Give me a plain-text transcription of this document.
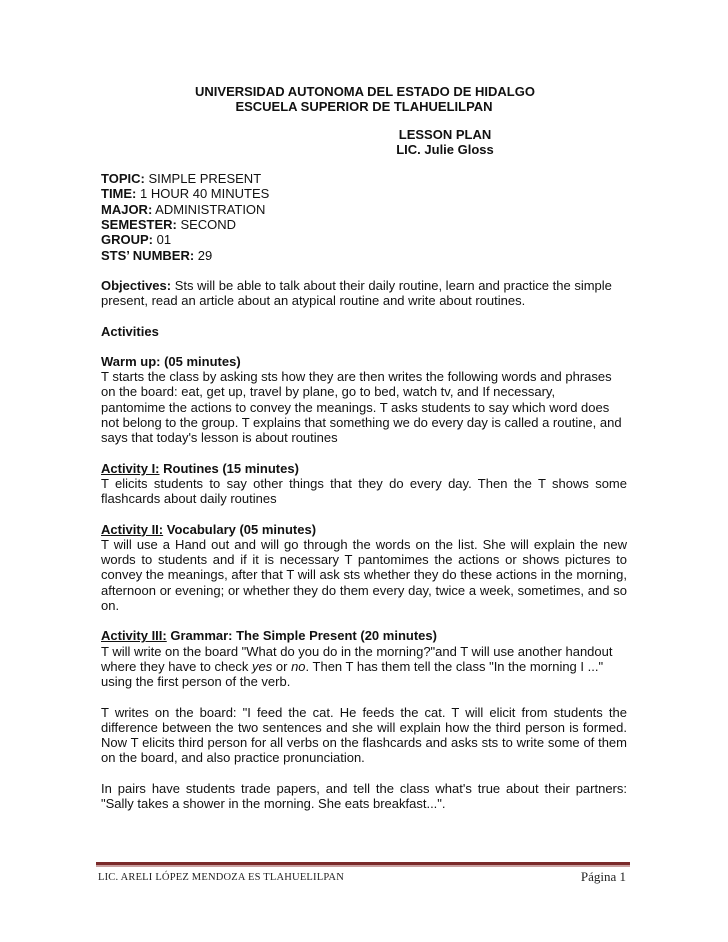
UNIVERSIDAD AUTONOMA DEL ESTADO DE HIDALGO
ESCUELA SUPERIOR DE TLAHUELILPAN
LESSON PLAN
LIC. Julie Gloss
TOPIC: SIMPLE PRESENT
TIME: 1 HOUR 40 MINUTES
MAJOR: ADMINISTRATION
SEMESTER: SECOND
GROUP: 01
STS’ NUMBER: 29
Objectives: Sts will be able to talk about their daily routine, learn and practice the simple
present, read an article about an atypical routine and write about routines.
Activities
Warm up: (05 minutes)
T starts the class by asking sts how they are then writes the following words and phrases
on the board: eat, get up, travel by plane, go to bed, watch tv, and If necessary,
pantomime the actions to convey the meanings. T asks students to say which word does
not belong to the group. T explains that something we do every day is called a routine, and
says that today's lesson is about routines
Activity I: Routines (15 minutes)
T elicits students to say other things that they do every day. Then the T shows some flashcards about daily routines
Activity II: Vocabulary (05 minutes)
T will use a Hand out and will go through the words on the list. She will explain the new words to students and if it is necessary T pantomimes the actions or shows pictures to convey the meanings, after that T will ask sts whether they do these actions in the morning, afternoon or evening; or whether they do them every day, twice a week, sometimes, and so on.
Activity III: Grammar: The Simple Present (20 minutes)
T will write on the board "What do you do in the morning?"and T will use another handout
where they have to check yes or no. Then T has them tell the class "In the morning I ..."
using the first person of the verb.
T writes on the board: "I feed the cat. He feeds the cat. T will elicit from students the difference between the two sentences and she will explain how the third person is formed. Now T elicits third person for all verbs on the flashcards and asks sts to write some of them on the board, and also practice pronunciation.
In pairs have students trade papers, and tell the class what's true about their partners: "Sally takes a shower in the morning. She eats breakfast...".
LIC. ARELI LÓPEZ MENDOZA ES TLAHUELILPAN	Página 1
